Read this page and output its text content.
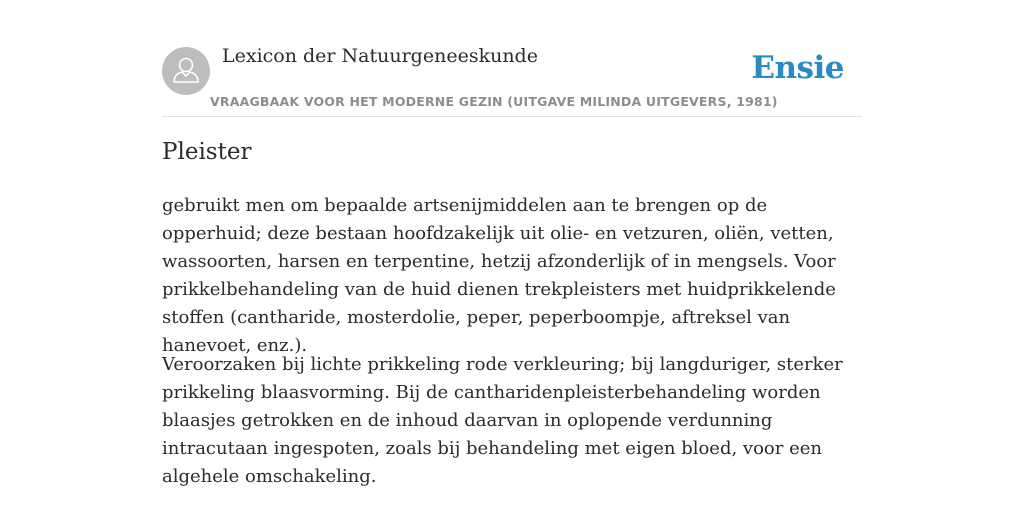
Lexicon der Natuurgeneeskunde
VRAAGBAAK VOOR HET MODERNE GEZIN (UITGAVE MILINDA UITGEVERS, 1981)
Ensie
Pleister

gebruikt men om bepaalde artsenijmiddelen aan te brengen op de opperhuid; deze bestaan hoofdzakelijk uit olie- en vetzuren, oliën, vetten, wassoorten, harsen en terpentine, hetzij afzonderlijk of in mengsels. Voor prikkelbehandeling van de huid dienen trekpleisters met huidprikkelende stoffen (cantharide, mosterdolie, peper, peperboompje, aftreksel van hanevoet, enz.).

Veroorzaken bij lichte prikkeling rode verkleuring; bij langduriger, sterker prikkeling blaasvorming. Bij de cantharidenpleisterbehandeling worden blaasjes getrokken en de inhoud daarvan in oplopende verdunning intracutaan ingespoten, zoals bij behandeling met eigen bloed, voor een algehele omschakeling.
